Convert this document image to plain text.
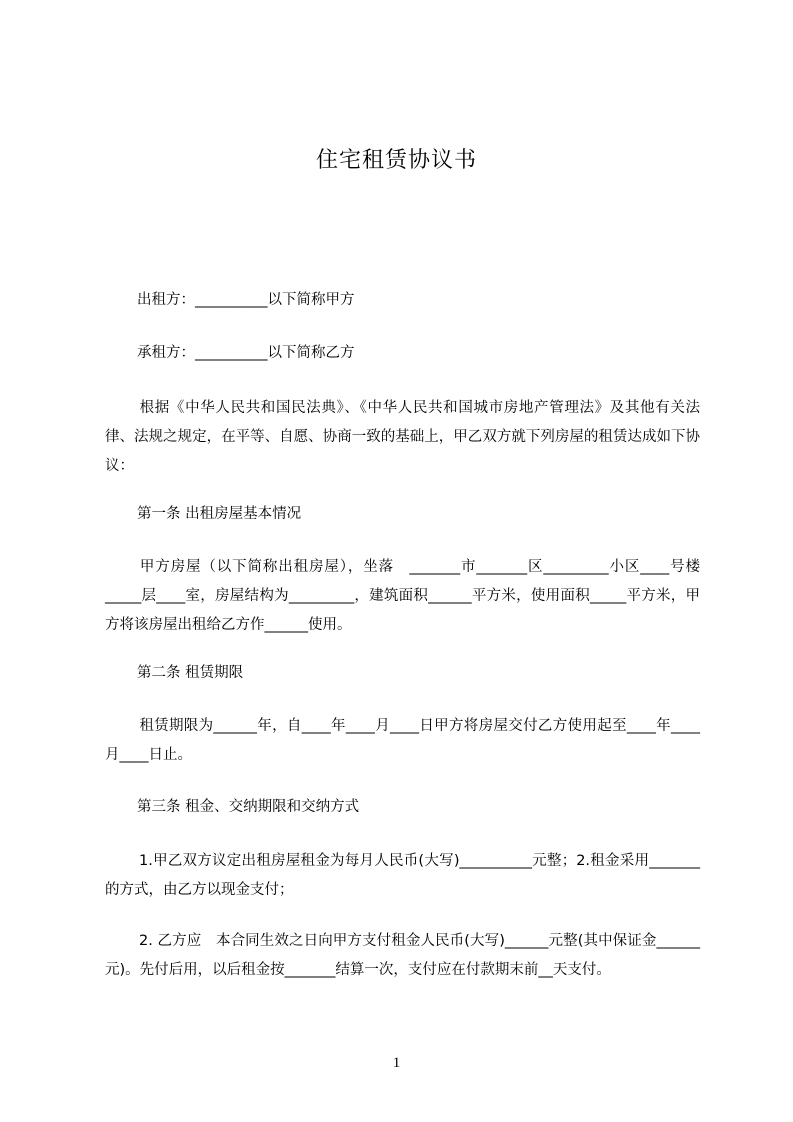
住宅租赁协议书

出租方：__________以下简称甲方

承租方：__________以下简称乙方

根据《中华人民共和国民法典》、《中华人民共和国城市房地产管理法》及其他有关法律、法规之规定，在平等、自愿、协商一致的基础上，甲乙双方就下列房屋的租赁达成如下协议：

第一条 出租房屋基本情况

甲方房屋（以下简称出租房屋），坐落　_______市_______区_________小区____号楼_____层____室，房屋结构为_________，建筑面积______平方米，使用面积_____平方米，甲方将该房屋出租给乙方作______使用。

第二条 租赁期限

租赁期限为______年，自____年____月____日甲方将房屋交付乙方使用起至____年____月____日止。

第三条 租金、交纳期限和交纳方式

1.甲乙双方议定出租房屋租金为每月人民币(大写)__________元整；2.租金采用_______的方式，由乙方以现金支付；

2. 乙方应　本合同生效之日向甲方支付租金人民币(大写)______元整(其中保证金______元)。先付后用，以后租金按_______结算一次，支付应在付款期末前__天支付。

1
